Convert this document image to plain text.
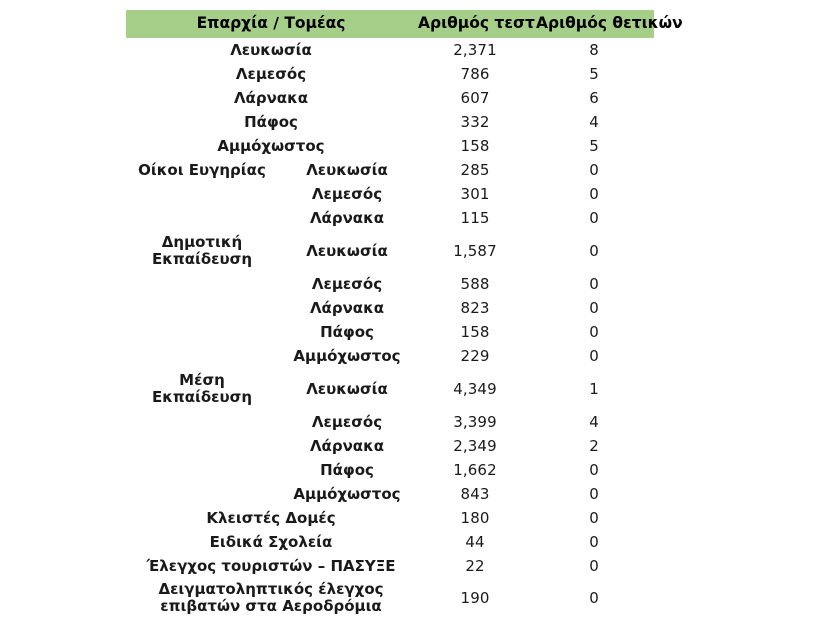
Επαρχία / Τομέας		Αριθμός τεστ	Αριθμός θετικών
Λευκωσία		2,371	8
Λεμεσός		786	5
Λάρνακα		607	6
Πάφος		332	4
Αμμόχωστος		158	5
Οίκοι Ευγηρίας	Λευκωσία	285	0
	Λεμεσός	301	0
	Λάρνακα	115	0

Δημοτική
Εκπαίδευση	Λευκωσία	1,587	0
	Λεμεσός	588	0
	Λάρνακα	823	0
	Πάφος	158	0
	Αμμόχωστος	229	0

Μέση
Εκπαίδευση	Λευκωσία	4,349	1
	Λεμεσός	3,399	4
	Λάρνακα	2,349	2
	Πάφος	1,662	0
	Αμμόχωστος	843	0
Κλειστές Δομές		180	0
Ειδικά Σχολεία		44	0
Έλεγχος τουριστών – ΠΑΣΥΞΕ		22	0

Δειγματοληπτικός έλεγχος
επιβατών στα Αεροδρόμια		190	0
